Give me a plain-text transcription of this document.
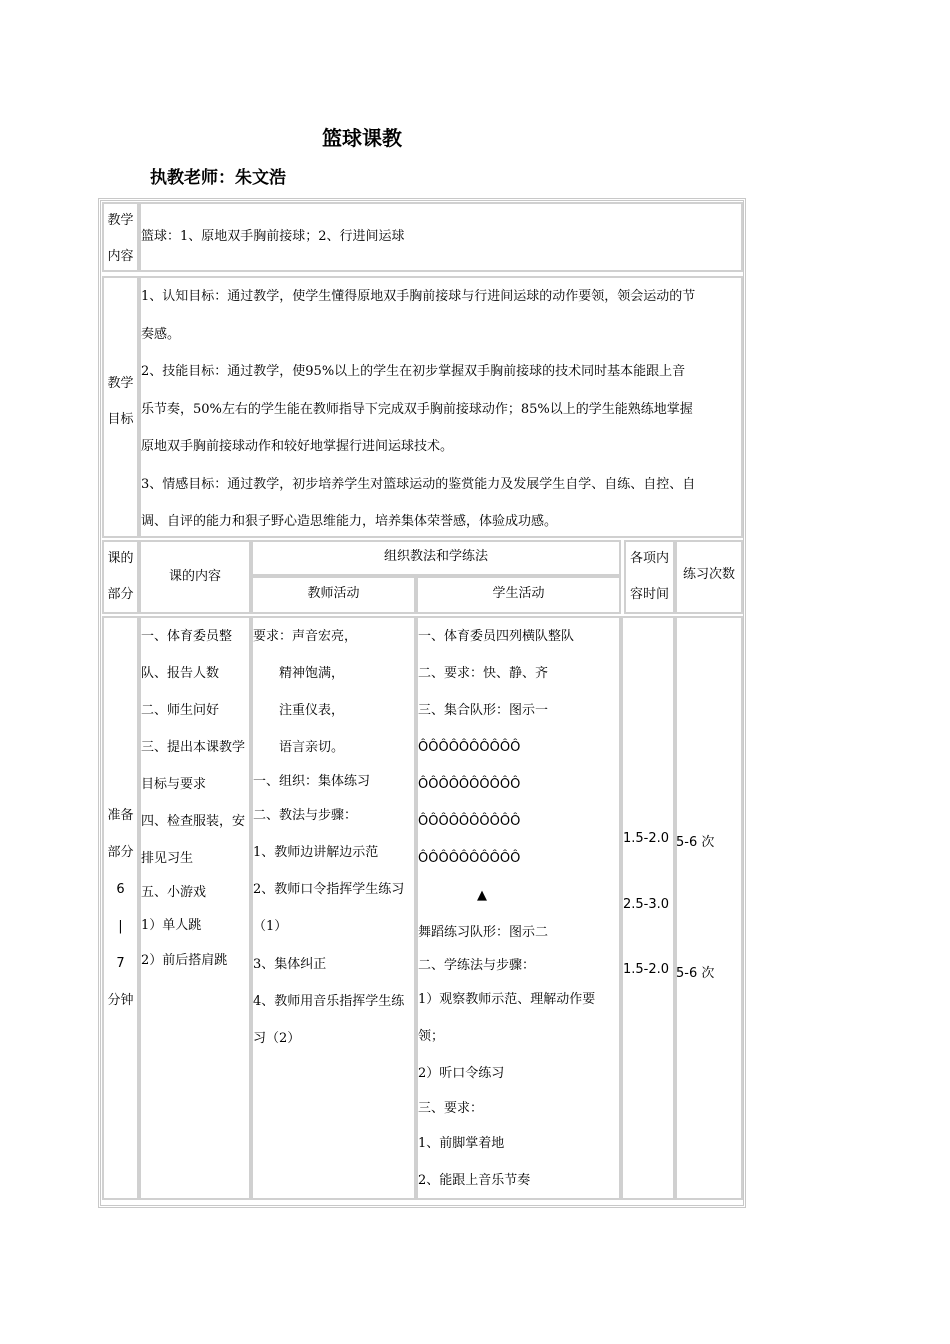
篮球课教
执教老师：朱文浩
教学
内容
篮球：1、原地双手胸前接球；2、行进间运球
教学
目标
1、认知目标：通过教学，使学生懂得原地双手胸前接球与行进间运球的动作要领，领会运动的节
奏感。
2、技能目标：通过教学，使95%以上的学生在初步掌握双手胸前接球的技术同时基本能跟上音
乐节奏，50%左右的学生能在教师指导下完成双手胸前接球动作；85%以上的学生能熟练地掌握
原地双手胸前接球动作和较好地掌握行进间运球技术。
3、情感目标：通过教学，初步培养学生对篮球运动的鉴赏能力及发展学生自学、自练、自控、自
调、自评的能力和狠子野心造思维能力，培养集体荣誉感，体验成功感。
课的
部分
课的内容
组织教法和学练法
教师活动	学生活动
各项内
容时间
练习次数
准备
部分
6
|
7
分钟
一、体育委员整
队、报告人数
二、师生问好
三、提出本课教学
目标与要求
四、检查服装，安
排见习生
五、小游戏
1）单人跳
2）前后搭肩跳
要求：声音宏亮，
　　精神饱满，
　　注重仪表，
　　语言亲切。
一、组织：集体练习
二、教法与步骤：
1、教师边讲解边示范
2、教师口令指挥学生练习
（1）
3、集体纠正
4、教师用音乐指挥学生练
习（2）
一、体育委员四列横队整队
二、要求：快、静、齐
三、集合队形：图示一
ÔÔÔÔÔÔÔÔÔÔ
ÔÔÔÔÔÔÔÔÔÔ
ÔÔÔÔÔÔÔÔÔÔ
ÔÔÔÔÔÔÔÔÔÔ
▲
舞蹈练习队形：图示二
二、学练法与步骤：
1）观察教师示范、理解动作要
领；
2）听口令练习
三、要求：
1、前脚掌着地
2、能跟上音乐节奏
1.5-2.0
2.5-3.0
1.5-2.0
5-6 次
5-6 次
